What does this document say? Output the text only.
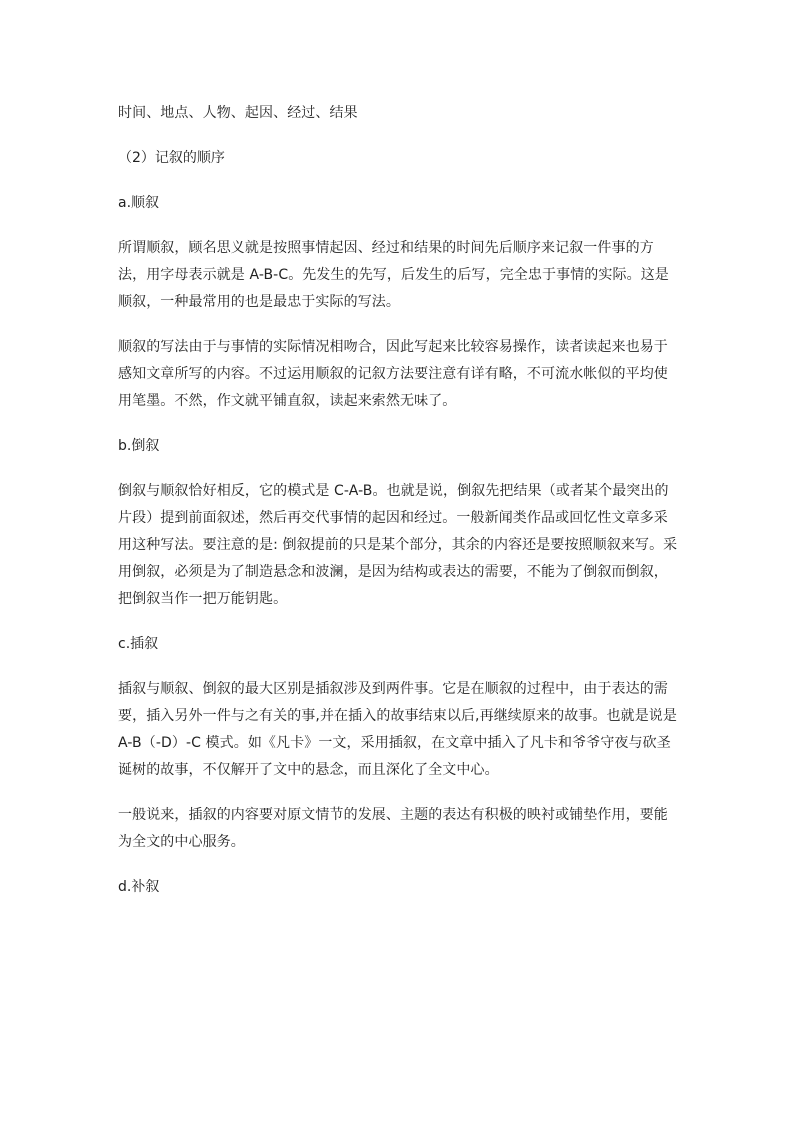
时间、地点、人物、起因、经过、结果

（2）记叙的顺序

a.顺叙

所谓顺叙，顾名思义就是按照事情起因、经过和结果的时间先后顺序来记叙一件事的方法，用字母表示就是 A-B-C。先发生的先写，后发生的后写，完全忠于事情的实际。这是顺叙，一种最常用的也是最忠于实际的写法。

顺叙的写法由于与事情的实际情况相吻合，因此写起来比较容易操作，读者读起来也易于感知文章所写的内容。不过运用顺叙的记叙方法要注意有详有略，不可流水帐似的平均使用笔墨。不然，作文就平铺直叙，读起来索然无味了。

b.倒叙

倒叙与顺叙恰好相反，它的模式是 C-A-B。也就是说，倒叙先把结果（或者某个最突出的片段）提到前面叙述，然后再交代事情的起因和经过。一般新闻类作品或回忆性文章多采用这种写法。要注意的是: 倒叙提前的只是某个部分，其余的内容还是要按照顺叙来写。采用倒叙，必须是为了制造悬念和波澜，是因为结构或表达的需要，不能为了倒叙而倒叙，把倒叙当作一把万能钥匙。

c.插叙

插叙与顺叙、倒叙的最大区别是插叙涉及到两件事。它是在顺叙的过程中，由于表达的需要，插入另外一件与之有关的事,并在插入的故事结束以后,再继续原来的故事。也就是说是 A-B（-D）-C 模式。如《凡卡》一文，采用插叙，在文章中插入了凡卡和爷爷守夜与砍圣诞树的故事，不仅解开了文中的悬念，而且深化了全文中心。

一般说来，插叙的内容要对原文情节的发展、主题的表达有积极的映衬或铺垫作用，要能为全文的中心服务。

d.补叙
